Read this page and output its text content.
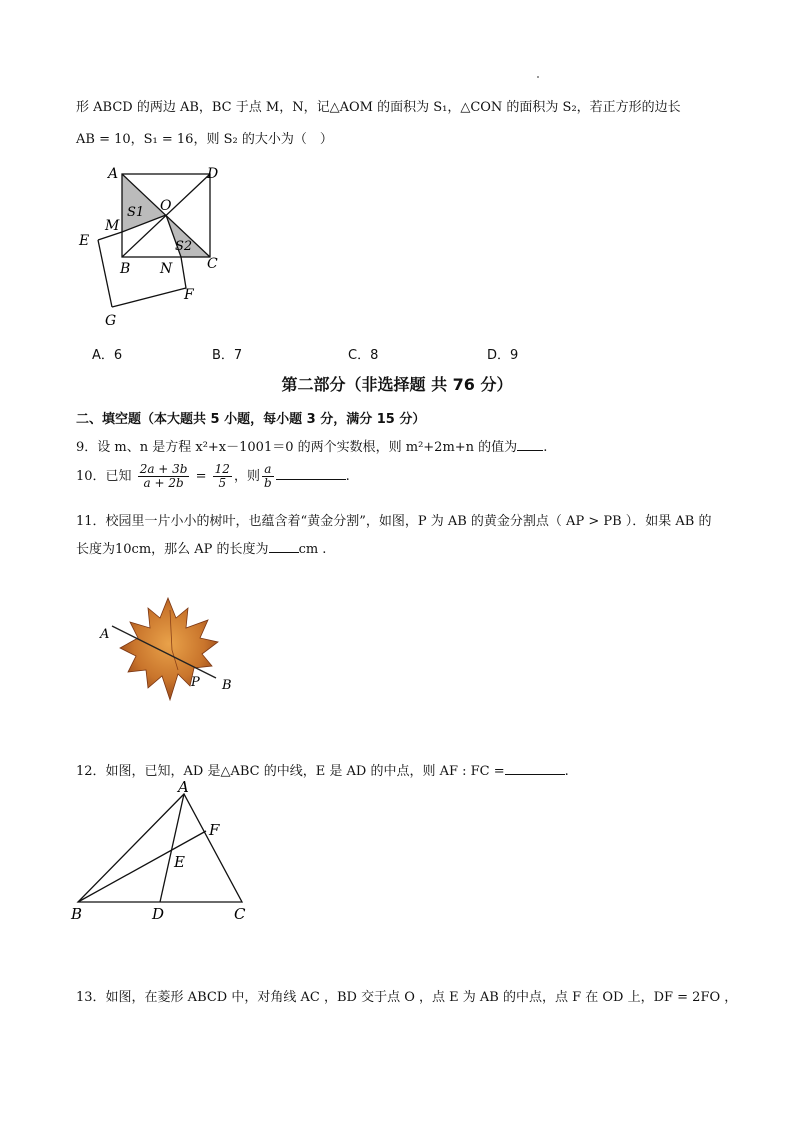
形 ABCD 的两边 AB，BC 于点 M，N，记△AOM 的面积为 S₁，△CON 的面积为 S₂，若正方形的边长
AB = 10，S₁ = 16，则 S₂ 的大小为（　）
A	D
O
S1
M
E	S2
B N C
F
G
A．6	B．7	C．8	D．9
第二部分（非选择题 共 76 分）
二、填空题（本大题共 5 小题，每小题 3 分，满分 15 分）
9．设 m、n 是方程 x²+x－1001＝0 的两个实数根，则 m²+2m+n 的值为 .
10．已知 $\frac{2a + 3b}{a + 2b} = \frac{12}{5}$ ，则 $\frac{a}{b}$	.
11．校园里一片小小的树叶，也蕴含着“黄金分割”，如图，P 为 AB 的黄金分割点（ AP > PB ）．如果 AB 的
长度为10cm，那么 AP 的长度为 cm .
A
P B
12．如图，已知，AD 是△ABC 的中线，E 是 AD 的中点，则 AF : FC =	.
A
F
E
B	D	C
13．如图，在菱形 ABCD 中，对角线 AC ，BD 交于点 O ，点 E 为 AB 的中点，点 F 在 OD 上，DF = 2FO ，
